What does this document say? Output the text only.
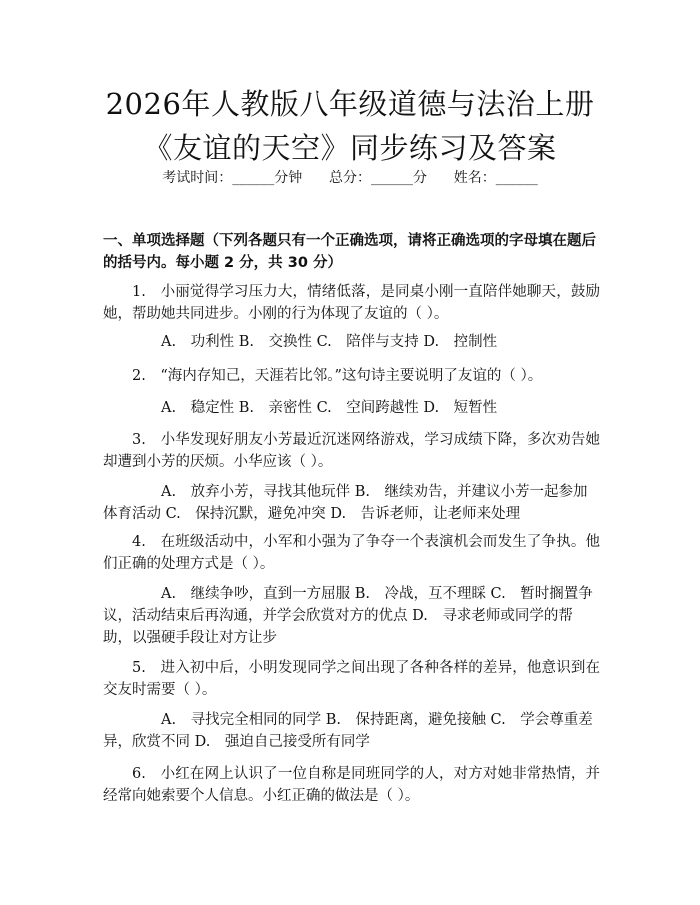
2026年人教版八年级道德与法治上册《友谊的天空》同步练习及答案
考试时间：______分钟      总分：______分      姓名：______
一、单项选择题（下列各题只有一个正确选项，请将正确选项的字母填在题后的括号内。每小题 2 分，共 30 分）
1.　小丽觉得学习压力大，情绪低落，是同桌小刚一直陪伴她聊天，鼓励她，帮助她共同进步。小刚的行为体现了友谊的（ ）。
A.　功利性 B.　交换性 C.　陪伴与支持 D.　控制性
2.　“海内存知己，天涯若比邻。”这句诗主要说明了友谊的（ ）。
A.　稳定性 B.　亲密性 C.　空间跨越性 D.　短暂性
3.　小华发现好朋友小芳最近沉迷网络游戏，学习成绩下降，多次劝告她却遭到小芳的厌烦。小华应该（ ）。
A.　放弃小芳，寻找其他玩伴 B.　继续劝告，并建议小芳一起参加体育活动 C.　保持沉默，避免冲突 D.　告诉老师，让老师来处理
4.　在班级活动中，小军和小强为了争夺一个表演机会而发生了争执。他们正确的处理方式是（ ）。
A.　继续争吵，直到一方屈服 B.　冷战，互不理睬 C.　暂时搁置争议，活动结束后再沟通，并学会欣赏对方的优点 D.　寻求老师或同学的帮助，以强硬手段让对方让步
5.　进入初中后，小明发现同学之间出现了各种各样的差异，他意识到在交友时需要（ ）。
A.　寻找完全相同的同学 B.　保持距离，避免接触 C.　学会尊重差异，欣赏不同 D.　强迫自己接受所有同学
6.　小红在网上认识了一位自称是同班同学的人，对方对她非常热情，并经常向她索要个人信息。小红正确的做法是（ ）。
